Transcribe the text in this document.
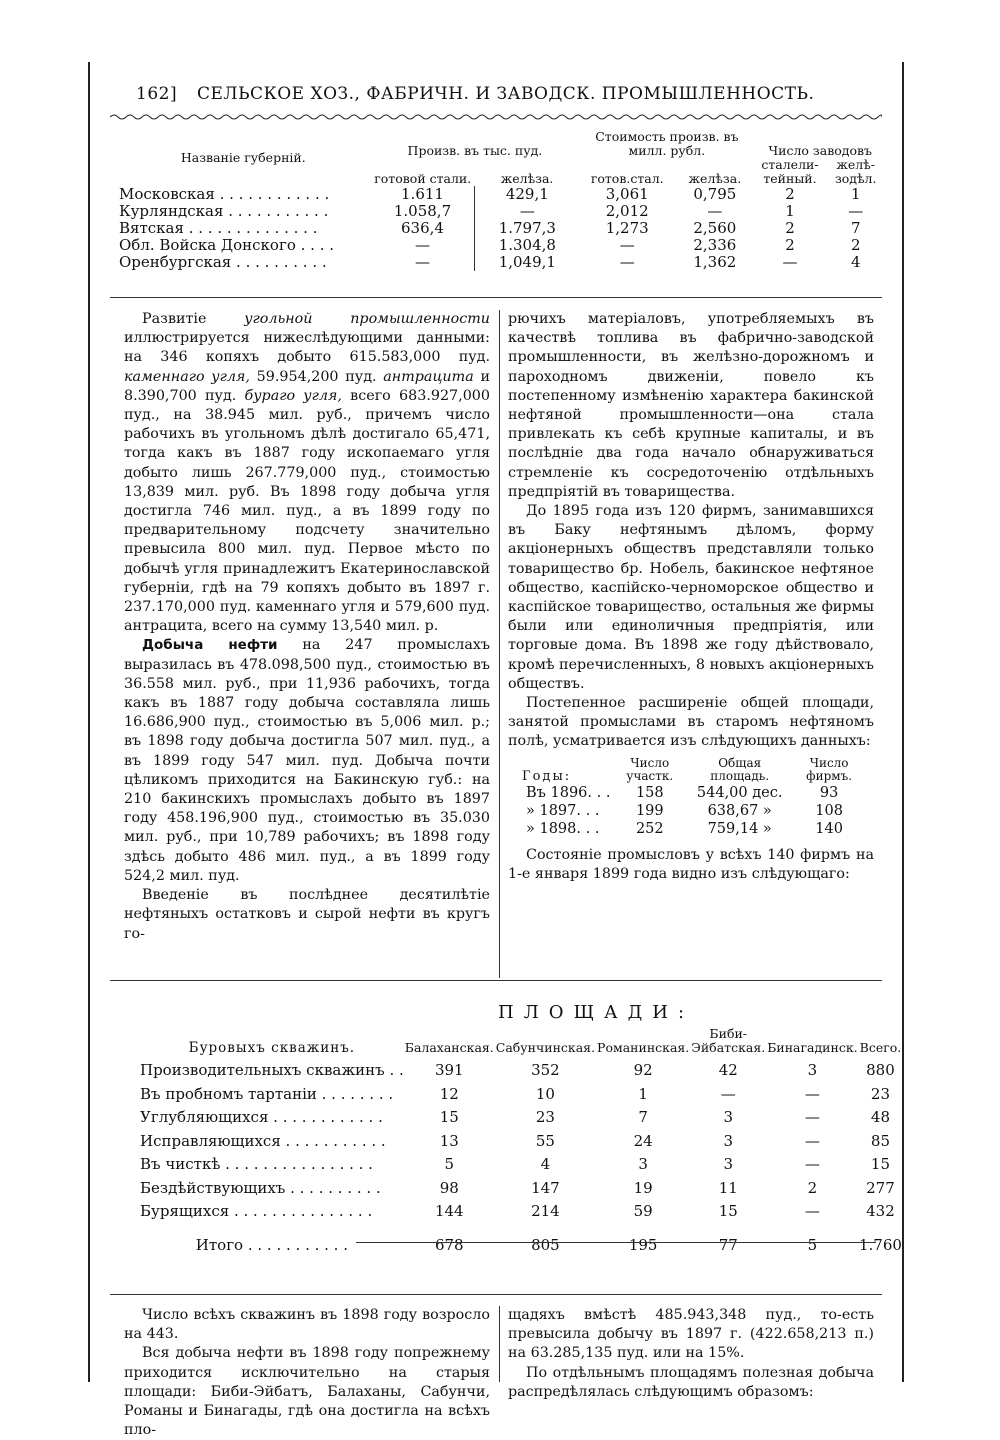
162] СЕЛЬСКОЕ ХОЗ., ФАБРИЧН. И ЗАВОДСК. ПРОМЫШЛЕННОСТЬ.
Названіе губерній.	Произв. въ тыс. пуд.		Стоимость произв. въ милл. рубл.		Число заводовъ	
	готовой стали.	желѣза.	готов.стал.	желѣза.	сталели-тейный.	желѣ-зодѣл.
Московская . . . . . . . . . . . .	1.611	429,1	3,061	0,795	2	1
Курляндская . . . . . . . . . . .	1.058,7	—	2,012	—	1	—
Вятская . . . . . . . . . . . . . .	636,4	1.797,3	1,273	2,560	2	7
Обл. Войска Донского . . . .	—	1.304,8	—	2,336	2	2
Оренбургская . . . . . . . . . .	—	1,049,1	—	1,362	—	4

Развитіе угольной промышленности иллюстрируется нижеслѣдующими данными: на 346 копяхъ добыто 615.583,000 пуд. каменнаго угля, 59.954,200 пуд. антрацита и 8.390,700 пуд. бураго угля, всего 683.927,000 пуд., на 38.945 мил. руб., причемъ число рабочихъ въ угольномъ дѣлѣ достигало 65,471, тогда какъ въ 1887 году ископаемаго угля добыто лишь 267.779,000 пуд., стоимостью 13,839 мил. руб. Въ 1898 году добыча угля достигла 746 мил. пуд., а въ 1899 году по предварительному подсчету значительно превысила 800 мил. пуд. Первое мѣсто по добычѣ угля принадлежитъ Екатеринославской губерніи, гдѣ на 79 копяхъ добыто въ 1897 г. 237.170,000 пуд. каменнаго угля и 579,600 пуд. антрацита, всего на сумму 13,540 мил. р.

Добыча нефти на 247 промыслахъ выразилась въ 478.098,500 пуд., стоимостью въ 36.558 мил. руб., при 11,936 рабочихъ, тогда какъ въ 1887 году добыча составляла лишь 16.686,900 пуд., стоимостью въ 5,006 мил. р.; въ 1898 году добыча достигла 507 мил. пуд., а въ 1899 году 547 мил. пуд. Добыча почти цѣликомъ приходится на Бакинскую губ.: на 210 бакинскихъ промыслахъ добыто въ 1897 году 458.196,900 пуд., стоимостью въ 35.030 мил. руб., при 10,789 рабочихъ; въ 1898 году здѣсь добыто 486 мил. пуд., а въ 1899 году 524,2 мил. пуд.

Введеніе въ послѣднее десятилѣтіе нефтяныхъ остатковъ и сырой нефти въ кругъ го-

рючихъ матеріаловъ, употребляемыхъ въ качествѣ топлива въ фабрично-заводской промышленности, въ желѣзно-дорожномъ и пароходномъ движеніи, повело къ постепенному измѣненію характера бакинской нефтяной промышленности—она стала привлекать къ себѣ крупные капиталы, и въ послѣдніе два года начало обнаруживаться стремленіе къ сосредоточенію отдѣльныхъ предпріятій въ товарищества.

До 1895 года изъ 120 фирмъ, занимавшихся въ Баку нефтянымъ дѣломъ, форму акціонерныхъ обществъ представляли только товарищество бр. Нобель, бакинское нефтяное общество, каспійско-черноморское общество и каспійское товарищество, остальныя же фирмы были или единоличныя предпріятія, или торговые дома. Въ 1898 же году дѣйствовало, кромѣ перечисленныхъ, 8 новыхъ акціонерныхъ обществъ.

Постепенное расширеніе общей площади, занятой промыслами въ старомъ нефтяномъ полѣ, усматривается изъ слѣдующихъ данныхъ:

Годы:	Число участк.	Общая площадь.	Число фирмъ.
Въ 1896. . .	158	544,00 дес.	93
» 1897. . .	199	638,67 »	108
» 1898. . .	252	759,14 »	140

Состояніе промысловъ у всѣхъ 140 фирмъ на 1-е января 1899 года видно изъ слѣдующаго:

ПЛОЩАДИ:
Буровыхъ скважинъ.	Балаханская.	Сабунчинская.	Романинская.	Биби-Эйбатская.	Бинагадинск.	Всего.
Производительныхъ скважинъ . .	391	352	92	42	3	880
Въ пробномъ тартаніи . . . . . . . .	12	10	1	—	—	23
Углубляющихся . . . . . . . . . . . .	15	23	7	3	—	48
Исправляющихся . . . . . . . . . . .	13	55	24	3	—	85
Въ чисткѣ . . . . . . . . . . . . . . . .	5	4	3	3	—	15
Бездѣйствующихъ . . . . . . . . . .	98	147	19	11	2	277
Бурящихся . . . . . . . . . . . . . . .	144	214	59	15	—	432
Итого . . . . . . . . . . .	678	805	195	77	5	1.760

Число всѣхъ скважинъ въ 1898 году возросло на 443.

Вся добыча нефти въ 1898 году попрежнему приходится исключительно на старыя площади: Биби-Эйбатъ, Балаханы, Сабунчи, Романы и Бинагады, гдѣ она достигла на всѣхъ пло-

щадяхъ вмѣстѣ 485.943,348 пуд., то-есть превысила добычу въ 1897 г. (422.658,213 п.) на 63.285,135 пуд. или на 15%.

По отдѣльнымъ площадямъ полезная добыча распредѣлялась слѣдующимъ образомъ:
